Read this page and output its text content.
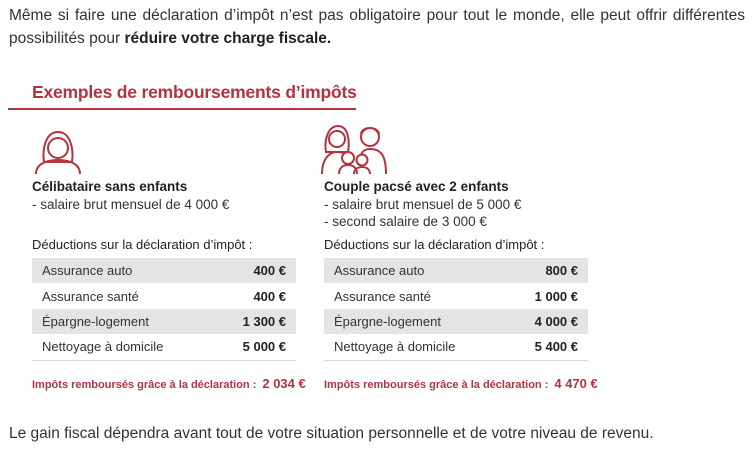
Même si faire une déclaration d’impôt n’est pas obligatoire pour tout le monde, elle peut offrir différentes possibilités pour réduire votre charge fiscale.

Exemples de remboursements d’impôts
Célibataire sans enfants
- salaire brut mensuel de 4 000 €
Déductions sur la déclaration d’impôt :
Assurance auto	400 €
Assurance santé	400 €
Épargne-logement	1 300 €
Nettoyage à domicile	5 000 €
Impôts remboursés grâce à la déclaration : 2 034 €
Couple pacsé avec 2 enfants
- salaire brut mensuel de 5 000 €
- second salaire de 3 000 €
Déductions sur la déclaration d’impôt :
Assurance auto	800 €
Assurance santé	1 000 €
Épargne-logement	4 000 €
Nettoyage à domicile	5 400 €
Impôts remboursés grâce à la déclaration : 4 470 €

Le gain fiscal dépendra avant tout de votre situation personnelle et de votre niveau de revenu.
